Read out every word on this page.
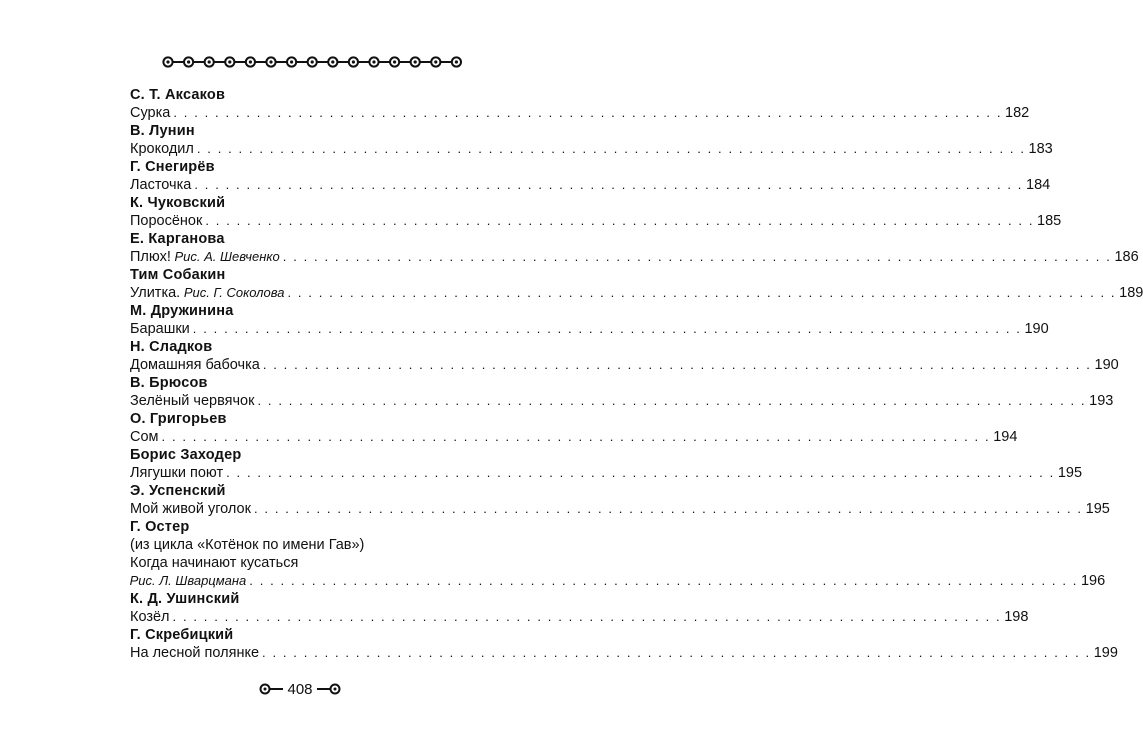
С. Т. Аксаков
Сурка . . . . . . . . . . . . . . . . . . . . . . . . . . . . . . . . . . . . . . . . . . . . . . . . . . . . . . . . . . . . . . . . . . . . . . . . . . . . . . . . 182
В. Лунин
Крокодил . . . . . . . . . . . . . . . . . . . . . . . . . . . . . . . . . . . . . . . . . . . . . . . . . . . . . . . . . . . . . . . . . . . . . . . . . . . . . . . . 183
Г. Снегирёв
Ласточка . . . . . . . . . . . . . . . . . . . . . . . . . . . . . . . . . . . . . . . . . . . . . . . . . . . . . . . . . . . . . . . . . . . . . . . . . . . . . . . . 184
К. Чуковский
Поросёнок . . . . . . . . . . . . . . . . . . . . . . . . . . . . . . . . . . . . . . . . . . . . . . . . . . . . . . . . . . . . . . . . . . . . . . . . . . . . . . . . 185
Е. Карганова
Плюх! Рис. А. Шевченко . . . . . . . . . . . . . . . . . . . . . . . . . . . . . . . . . . . . . . . . . . . . . . . . . . . . . . . . . . . . . . . . . . . . . . . . . . . . . . . . 186
Тим Собакин
Улитка. Рис. Г. Соколова . . . . . . . . . . . . . . . . . . . . . . . . . . . . . . . . . . . . . . . . . . . . . . . . . . . . . . . . . . . . . . . . . . . . . . . . . . . . . . . . 189
М. Дружинина
Барашки . . . . . . . . . . . . . . . . . . . . . . . . . . . . . . . . . . . . . . . . . . . . . . . . . . . . . . . . . . . . . . . . . . . . . . . . . . . . . . . . 190
Н. Сладков
Домашняя бабочка . . . . . . . . . . . . . . . . . . . . . . . . . . . . . . . . . . . . . . . . . . . . . . . . . . . . . . . . . . . . . . . . . . . . . . . . . . . . . . . . 190
В. Брюсов
Зелёный червячок . . . . . . . . . . . . . . . . . . . . . . . . . . . . . . . . . . . . . . . . . . . . . . . . . . . . . . . . . . . . . . . . . . . . . . . . . . . . . . . . 193
О. Григорьев
Сом . . . . . . . . . . . . . . . . . . . . . . . . . . . . . . . . . . . . . . . . . . . . . . . . . . . . . . . . . . . . . . . . . . . . . . . . . . . . . . . . 194
Борис Заходер
Лягушки поют . . . . . . . . . . . . . . . . . . . . . . . . . . . . . . . . . . . . . . . . . . . . . . . . . . . . . . . . . . . . . . . . . . . . . . . . . . . . . . . . 195
Э. Успенский
Мой живой уголок . . . . . . . . . . . . . . . . . . . . . . . . . . . . . . . . . . . . . . . . . . . . . . . . . . . . . . . . . . . . . . . . . . . . . . . . . . . . . . . . 195
Г. Остер
(из цикла «Котёнок по имени Гав»)
Когда начинают кусаться
Рис. Л. Шварцмана . . . . . . . . . . . . . . . . . . . . . . . . . . . . . . . . . . . . . . . . . . . . . . . . . . . . . . . . . . . . . . . . . . . . . . . . . . . . . . . . 196
К. Д. Ушинский
Козёл . . . . . . . . . . . . . . . . . . . . . . . . . . . . . . . . . . . . . . . . . . . . . . . . . . . . . . . . . . . . . . . . . . . . . . . . . . . . . . . . 198
Г. Скребицкий
На лесной полянке . . . . . . . . . . . . . . . . . . . . . . . . . . . . . . . . . . . . . . . . . . . . . . . . . . . . . . . . . . . . . . . . . . . . . . . . . . . . . . . . 199
408
